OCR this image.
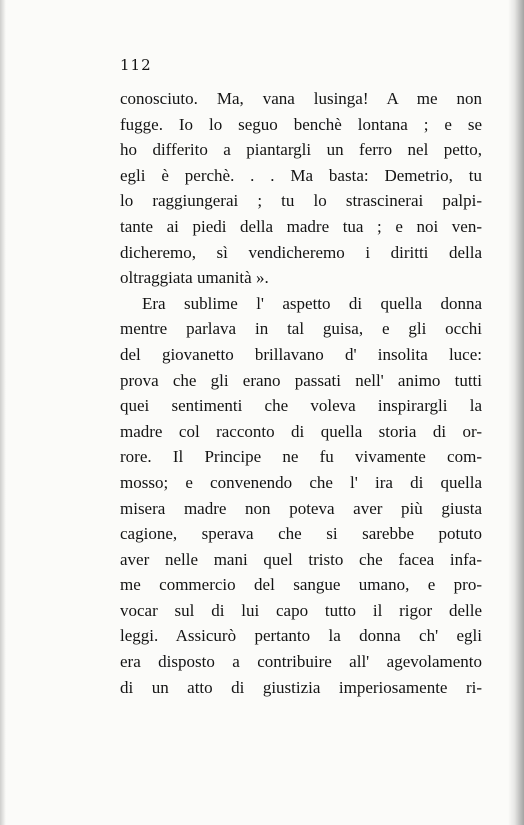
112
conosciuto. Ma, vana lusinga! A me non
fugge. Io lo seguo benchè lontana ; e se
ho differito a piantargli un ferro nel petto,
egli è perchè. . . Ma basta: Demetrio, tu
lo raggiungerai ; tu lo strascinerai palpi-
tante ai piedi della madre tua ; e noi ven-
dicheremo, sì vendicheremo i diritti della
oltraggiata umanità ».
Era sublime l' aspetto di quella donna
mentre parlava in tal guisa, e gli occhi
del giovanetto brillavano d' insolita luce:
prova che gli erano passati nell' animo tutti
quei sentimenti che voleva inspirargli la
madre col racconto di quella storia di or-
rore. Il Principe ne fu vivamente com-
mosso; e convenendo che l' ira di quella
misera madre non poteva aver più giusta
cagione, sperava che si sarebbe potuto
aver nelle mani quel tristo che facea infa-
me commercio del sangue umano, e pro-
vocar sul di lui capo tutto il rigor delle
leggi. Assicurò pertanto la donna ch' egli
era disposto a contribuire all' agevolamento
di un atto di giustizia imperiosamente ri-
